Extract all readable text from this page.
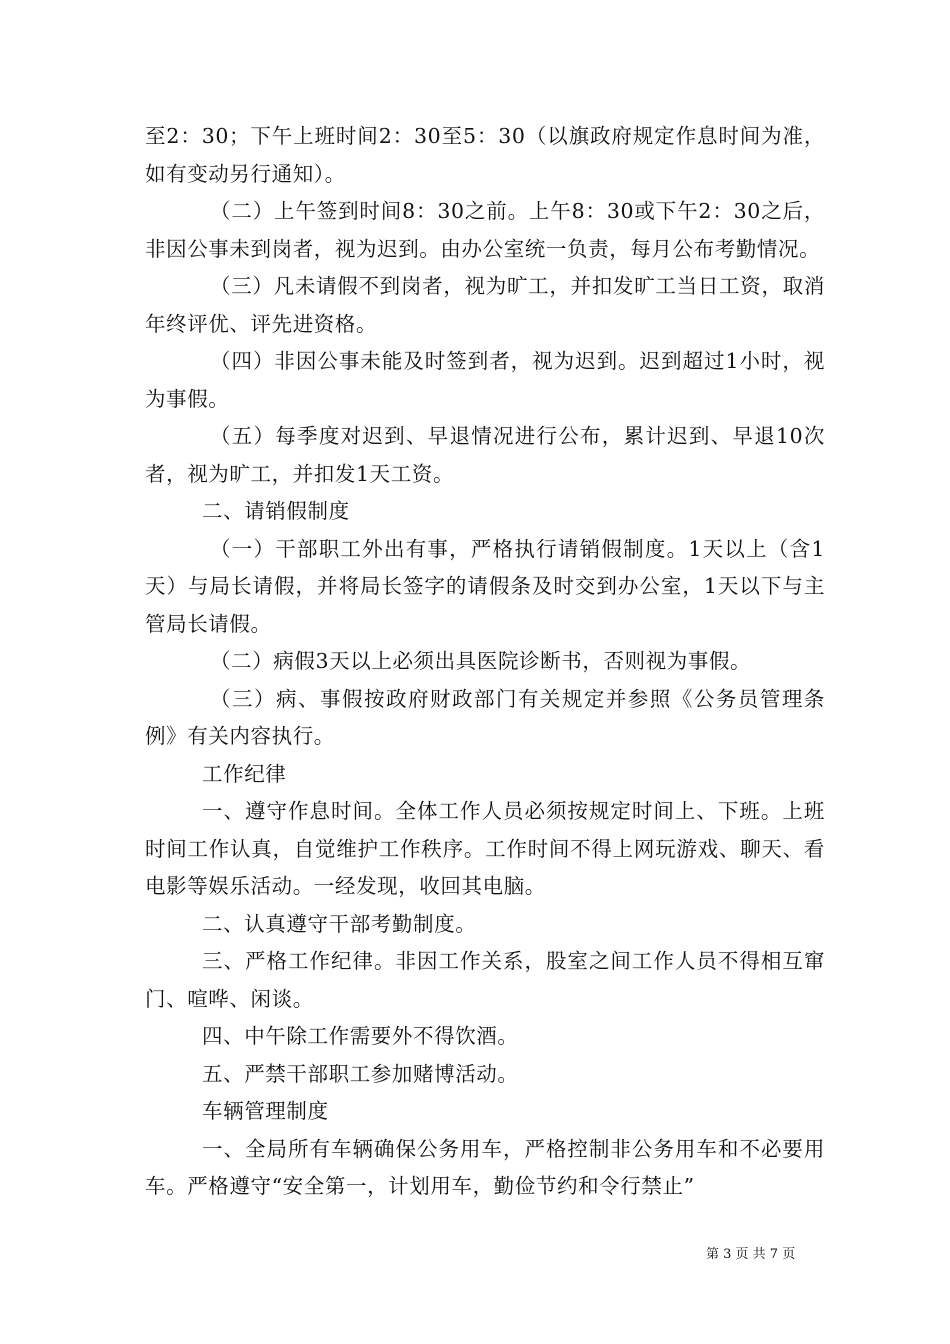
至2：30；下午上班时间2：30至5：30（以旗政府规定作息时间为准，如有变动另行通知）。

（二）上午签到时间8：30之前。上午8：30或下午2：30之后，非因公事未到岗者，视为迟到。由办公室统一负责，每月公布考勤情况。

（三）凡未请假不到岗者，视为旷工，并扣发旷工当日工资，取消年终评优、评先进资格。

（四）非因公事未能及时签到者，视为迟到。迟到超过1小时，视为事假。

（五）每季度对迟到、早退情况进行公布，累计迟到、早退10次者，视为旷工，并扣发1天工资。

二、请销假制度

（一）干部职工外出有事，严格执行请销假制度。1天以上（含1天）与局长请假，并将局长签字的请假条及时交到办公室，1天以下与主管局长请假。

（二）病假3天以上必须出具医院诊断书，否则视为事假。

（三）病、事假按政府财政部门有关规定并参照《公务员管理条例》有关内容执行。

工作纪律

一、遵守作息时间。全体工作人员必须按规定时间上、下班。上班时间工作认真，自觉维护工作秩序。工作时间不得上网玩游戏、聊天、看电影等娱乐活动。一经发现，收回其电脑。

二、认真遵守干部考勤制度。

三、严格工作纪律。非因工作关系，股室之间工作人员不得相互窜门、喧哗、闲谈。

四、中午除工作需要外不得饮酒。

五、严禁干部职工参加赌博活动。

车辆管理制度

一、全局所有车辆确保公务用车，严格控制非公务用车和不必要用车。严格遵守“安全第一，计划用车，勤俭节约和令行禁止”

第 3 页 共 7 页
